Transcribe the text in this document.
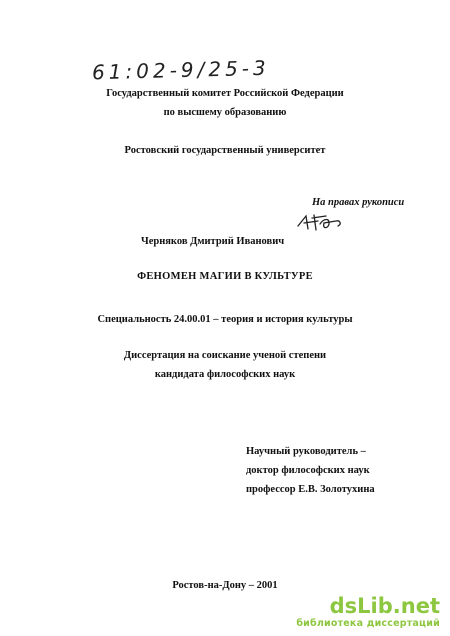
61:02-9/25-3
Государственный комитет Российской Федерации
по высшему образованию
Ростовский государственный университет
На правах рукописи
Черняков Дмитрий Иванович
ФЕНОМЕН МАГИИ В КУЛЬТУРЕ
Специальность 24.00.01 – теория и история культуры
Диссертация на соискание ученой степени
кандидата философских наук
Научный руководитель –
доктор философских наук
профессор Е.В. Золотухина
Ростов-на-Дону – 2001
dsLib.net
библиотека диссертаций
